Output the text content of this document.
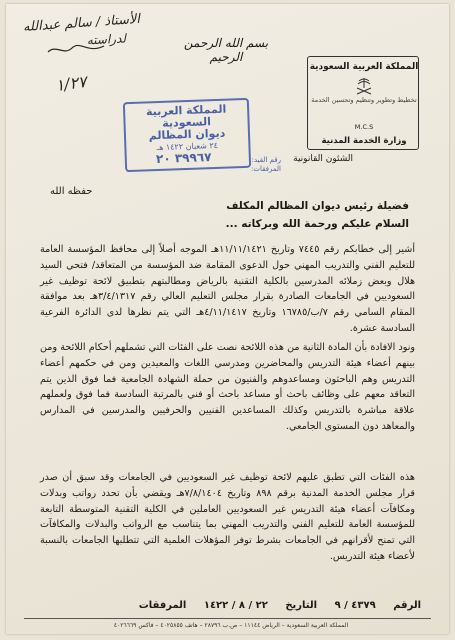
الأستاذ / سالم عبدالله
لدراسته
١/٢٧
بسم الله الرحمن الرحيم
المملكة العربية السعودية
تخطيط وتطوير وتنظيم وتحسين الخدمة
M.C.S
وزارة الخدمة المدنية
المملكة العربية السعودية
ديوان المظالم
٢٤ شعبان ١٤٢٢ هـ
٣٩٩٦٧ ٢٠	رقم القيد: المرفقات:
الشئون القانونية
حفظه الله
فضيلة رئيس ديوان المظالم المكلف
السلام عليكم ورحمة الله وبركاته ...

أشير إلى خطابكم رقم ٧٤٤٥ وتاريخ ١١/١١/١٤٢١هـ الموجه أصلاً إلى محافظ المؤسسة العامة للتعليم الفني والتدريب المهني حول الدعوى المقامة ضد المؤسسة من المتعاقد/ فتحي السيد هلال وبعض زملائه المدرسين بالكلية التقنية بالرياض ومطالبتهم بتطبيق لائحة توظيف غير السعوديين في الجامعات الصادرة بقرار مجلس التعليم العالي رقم ٣/٤/١٣١٧هـ بعد موافقة المقام السامي رقم ٧/ب/١٦٧٨٥ وتاريخ ٤/١١/١٤١٧هـ التي يتم نظرها لدى الدائرة الفرعية السادسة عشرة.

ونود الافادة بأن المادة الثانية من هذه اللائحة نصت على الفئات التي تشملهم أحكام اللائحة ومن بينهم أعضاء هيئة التدريس والمحاضرين ومدرسي اللغات والمعيدين ومن في حكمهم أعضاء التدريس وهم الباحثون ومساعدوهم والفنيون من حملة الشهادة الجامعية فما فوق الذين يتم التعاقد معهم على وظائف باحث أو مساعد باحث أو فني بالمرتبة السادسة فما فوق ولعملهم علاقة مباشرة بالتدريس وكذلك المساعدين الفنيين والحرفيين والمدرسين في المدارس والمعاهد دون المستوى الجامعي.

هذه الفئات التي تطبق عليهم لائحة توظيف غير السعوديين في الجامعات وقد سبق أن صدر قرار مجلس الخدمة المدنية برقم ٨٩٨ وتاريخ ٧/٨/١٤٠٤هـ ويقضي بأن تحدد رواتب وبدلات ومكافآت أعضاء هيئة التدريس غير السعوديين العاملين في الكلية التقنية المتوسطة التابعة للمؤسسة العامة للتعليم الفني والتدريب المهني بما يتناسب مع الرواتب والبدلات والمكافآت التي تمنح لأقرانهم في الجامعات بشرط توفر المؤهلات العلمية التي تتطلبها الجامعات بالنسبة لأعضاء هيئة التدريس.

الرقم ٤٣٧٩ / ٩ التاريخ ٢٢ / ٨ / ١٤٢٢ المرفقات
المملكة العربية السعودية – الرياض ١١١٤٤ – ص.ب ٢٨٧٩٦ – هاتف ٤٠٢٥٨٥٥ – فاكس ٤٠٢٦٦٦٩
